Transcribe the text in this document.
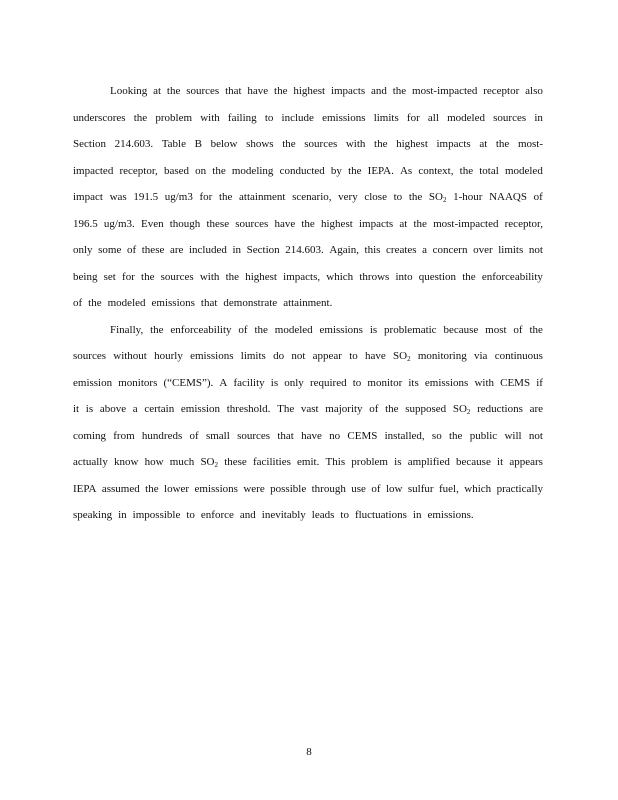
Looking at the sources that have the highest impacts and the most-impacted receptor also
underscores the problem with failing to include emissions limits for all modeled sources in
Section 214.603. Table B below shows the sources with the highest impacts at the most-
impacted receptor, based on the modeling conducted by the IEPA. As context, the total modeled
impact was 191.5 ug/m3 for the attainment scenario, very close to the $SO_2$ 1-hour NAAQS of
196.5 ug/m3. Even though these sources have the highest impacts at the most-impacted receptor,
only some of these are included in Section 214.603. Again, this creates a concern over limits not
being set for the sources with the highest impacts, which throws into question the enforceability
of the modeled emissions that demonstrate attainment.
Finally, the enforceability of the modeled emissions is problematic because most of the
sources without hourly emissions limits do not appear to have $SO_2$ monitoring via continuous
emission monitors (“CEMS”). A facility is only required to monitor its emissions with CEMS if
it is above a certain emission threshold. The vast majority of the supposed $SO_2$ reductions are
coming from hundreds of small sources that have no CEMS installed, so the public will not
actually know how much $SO_2$ these facilities emit. This problem is amplified because it appears
IEPA assumed the lower emissions were possible through use of low sulfur fuel, which practically
speaking in impossible to enforce and inevitably leads to fluctuations in emissions.
8
